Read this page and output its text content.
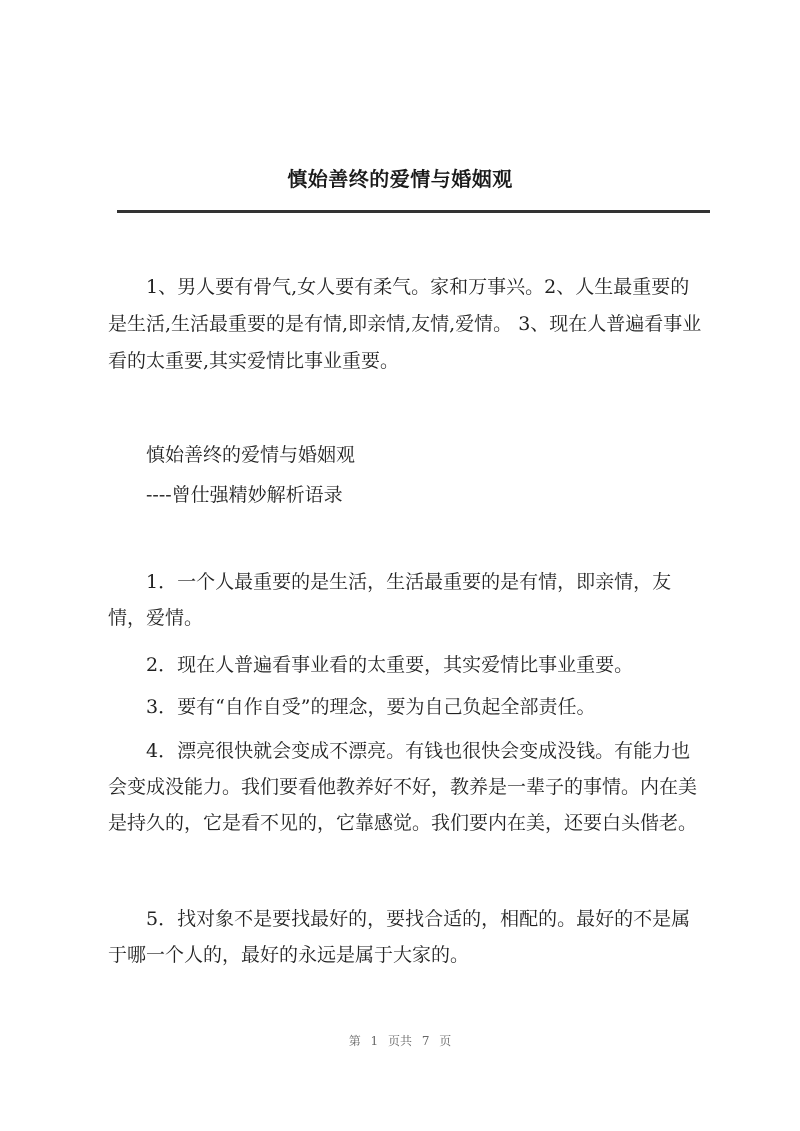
慎始善终的爱情与婚姻观

1、男人要有骨气,女人要有柔气。家和万事兴。2、人生最重要的是生活,生活最重要的是有情,即亲情,友情,爱情。 3、现在人普遍看事业看的太重要,其实爱情比事业重要。

慎始善终的爱情与婚姻观
----曾仕强精妙解析语录

1．一个人最重要的是生活，生活最重要的是有情，即亲情，友情，爱情。

2．现在人普遍看事业看的太重要，其实爱情比事业重要。

3．要有“自作自受”的理念，要为自己负起全部责任。

4．漂亮很快就会变成不漂亮。有钱也很快会变成没钱。有能力也会变成没能力。我们要看他教养好不好，教养是一辈子的事情。内在美是持久的，它是看不见的，它靠感觉。我们要内在美，还要白头偕老。

5．找对象不是要找最好的，要找合适的，相配的。最好的不是属于哪一个人的，最好的永远是属于大家的。

第 1 页共 7 页
